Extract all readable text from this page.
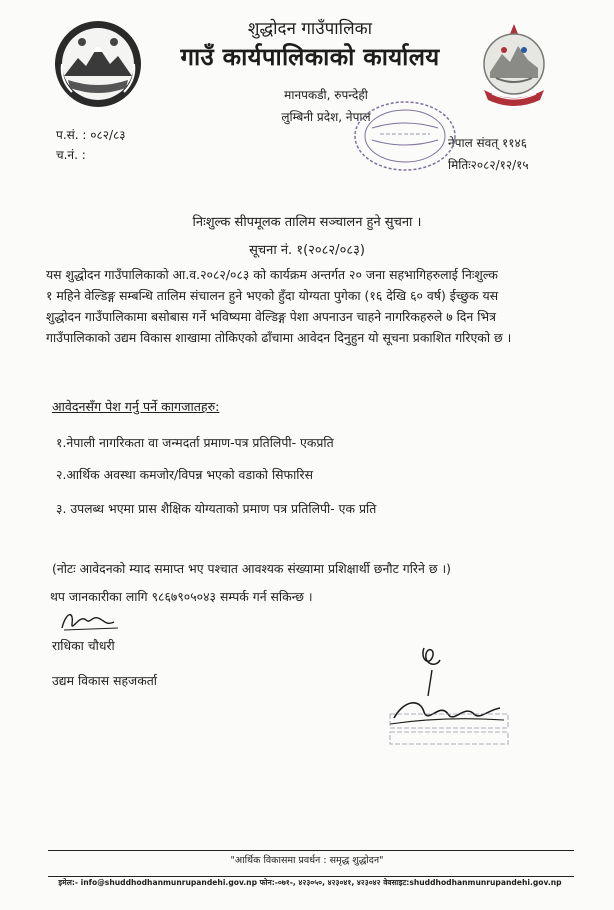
शुद्धोदन गाउँपालिका
गाउँ कार्यपालिकाको कार्यालय
मानपकडी, रुपन्देही
लुम्बिनी प्रदेश, नेपाल
प.सं. : ०८२/८३
च.नं. :
नेपाल संवत् ११४६
मितिः२०८२/१२/१५
निःशुल्क सीपमूलक तालिम सञ्चालन हुने सुचना ।
सूचना नं. १(२०८२/०८३)
यस शुद्धोदन गाउँपालिकाको आ.व.२०८२/०८३ को कार्यक्रम अन्तर्गत २० जना सहभागिहरुलाई निःशुल्क
१ महिने वेल्डिङ्ग सम्बन्धि तालिम संचालन हुने भएको हुँदा योग्यता पुगेका (१६ देखि ६० वर्ष) ईच्छुक यस
शुद्धोदन गाउँपालिकामा बसोबास गर्ने भविष्यमा वेल्डिङ्ग पेशा अपनाउन चाहने नागरिकहरुले ७ दिन भित्र
गाउँपालिकाको उद्यम विकास शाखामा तोकिएको ढाँचामा आवेदन दिनुहुन यो सूचना प्रकाशित गरिएको छ ।
आवेदनसँग पेश गर्नु पर्ने कागजातहरु:
१.नेपाली नागरिकता वा जन्मदर्ता प्रमाण-पत्र प्रतिलिपी- एकप्रति
२.आर्थिक अवस्था कमजोर/विपन्न भएको वडाको सिफारिस
३. उपलब्ध भएमा प्रास शैक्षिक योग्यताको प्रमाण पत्र प्रतिलिपी- एक प्रति
(नोटः आवेदनको म्याद समाप्त भए पश्चात आवश्यक संख्यामा प्रशिक्षार्थी छनौट गरिने छ ।)
थप जानकारीका लागि ९८६७९०५०४३ सम्पर्क गर्न सकिन्छ ।
राधिका चौधरी
उद्यम विकास सहजकर्ता
"आर्थिक विकासमा प्रवर्धन : समृद्ध शुद्धोदन"
इमेल:- info@shuddhodhanmunrupandehi.gov.np फोन:-०७१-, ४२३०५०, ४२३०४१, ४२३०४२ वेवसाइट:shuddhodhanmunrupandehi.gov.np
